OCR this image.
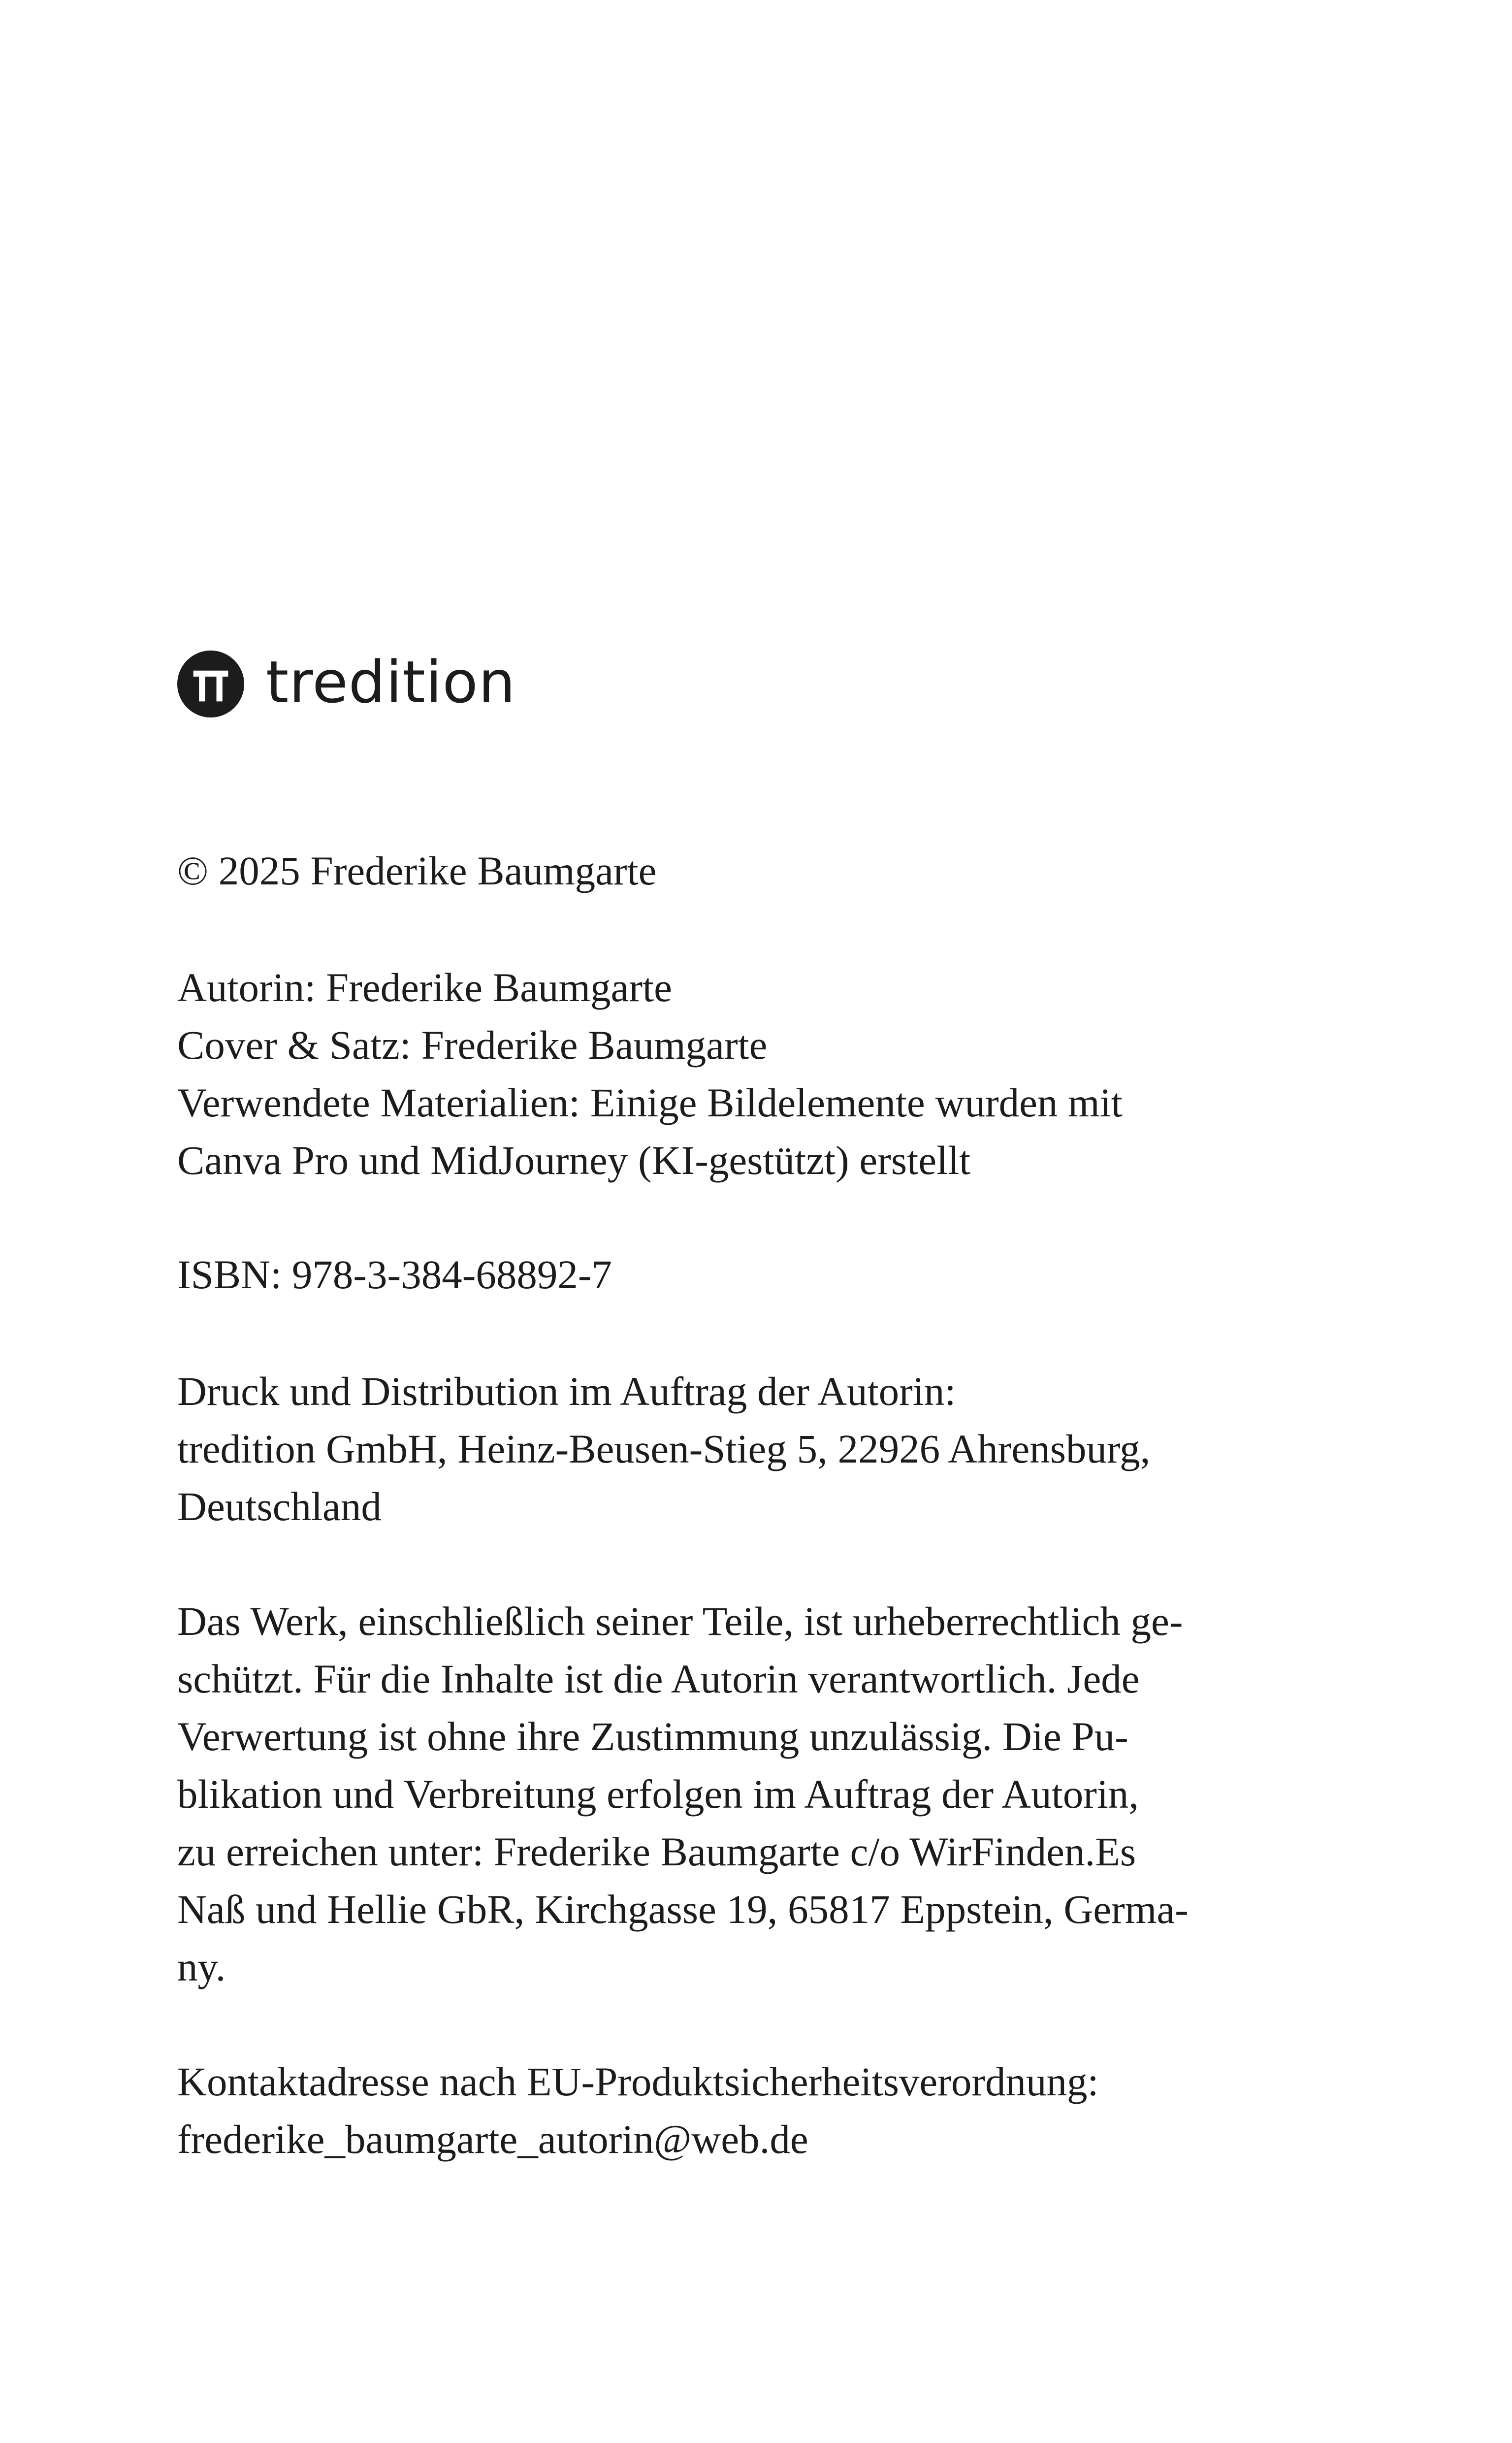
tredition
© 2025 Frederike Baumgarte
Autorin: Frederike Baumgarte
Cover & Satz: Frederike Baumgarte
Verwendete Materialien: Einige Bildelemente wurden mit
Canva Pro und MidJourney (KI-gestützt) erstellt
ISBN: 978-3-384-68892-7
Druck und Distribution im Auftrag der Autorin:
tredition GmbH, Heinz-Beusen-Stieg 5, 22926 Ahrensburg,
Deutschland
Das Werk, einschließlich seiner Teile, ist urheberrechtlich ge-
schützt. Für die Inhalte ist die Autorin verantwortlich. Jede
Verwertung ist ohne ihre Zustimmung unzulässig. Die Pu-
blikation und Verbreitung erfolgen im Auftrag der Autorin,
zu erreichen unter: Frederike Baumgarte c/o WirFinden.Es
Naß und Hellie GbR, Kirchgasse 19, 65817 Eppstein, Germa-
ny.
Kontaktadresse nach EU-Produktsicherheitsverordnung:
frederike_baumgarte_autorin@web.de
